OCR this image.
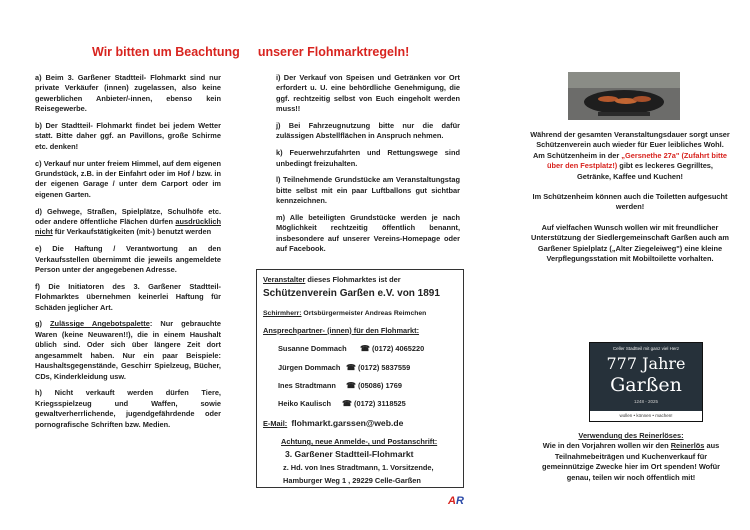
Wir bitten um Beachtung unserer Flohmarktregeln!

a) Beim 3. Garßener Stadtteil- Flohmarkt sind nur private Verkäufer (innen) zugelassen, also keine gewerblichen Anbieter/-innen, ebenso kein Reisegewerbe.

b) Der Stadtteil- Flohmarkt findet bei jedem Wetter statt. Bitte daher ggf. an Pavillons, große Schirme etc. denken!

c) Verkauf nur unter freiem Himmel, auf dem eigenen Grundstück, z.B. in der Einfahrt oder im Hof / bzw. in der eigenen Garage / unter dem Carport oder im eigenen Garten.

d) Gehwege, Straßen, Spielplätze, Schulhöfe etc. oder andere öffentliche Flächen dürfen ausdrücklich nicht für Verkaufstätigkeiten (mit-) benutzt werden

e) Die Haftung / Verantwortung an den Verkaufsstellen übernimmt die jeweils angemeldete Person unter der angegebenen Adresse.

f) Die Initiatoren des 3. Garßener Stadtteil-Flohmarktes übernehmen keinerlei Haftung für Schäden jeglicher Art.

g) Zulässige Angebotspalette: Nur gebrauchte Waren (keine Neuwaren!!), die in einem Haushalt üblich sind. Oder sich über längere Zeit dort angesammelt haben. Nur ein paar Beispiele: Haushaltsgegenstände, Geschirr Spielzeug, Bücher, CDs, Kinderkleidung usw.

h) Nicht verkauft werden dürfen Tiere, Kriegsspielzeug und Waffen, sowie gewaltverherrlichende, jugendgefährdende oder pornografische Schriften bzw. Medien.

i) Der Verkauf von Speisen und Getränken vor Ort erfordert u. U. eine behördliche Genehmigung, die ggf. rechtzeitig selbst von Euch eingeholt werden muss!!

j) Bei Fahrzeugnutzung bitte nur die dafür zulässigen Abstellflächen in Anspruch nehmen.

k) Feuerwehrzufahrten und Rettungswege sind unbedingt freizuhalten.

l) Teilnehmende Grundstücke am Veranstaltungstag bitte selbst mit ein paar Luftballons gut sichtbar kennzeichnen.

m) Alle beteiligten Grundstücke werden je nach Möglichkeit rechtzeitig öffentlich benannt, insbesondere auf unserer Vereins-Homepage oder auf Facebook.

Veranstalter dieses Flohmarktes ist der
Schützenverein Garßen e.V. von 1891
Schirmherr: Ortsbürgermeister Andreas Reimchen
Ansprechpartner- (innen) für den Flohmarkt:
Susanne Dommach ☎ (0172) 4065220
Jürgen Dommach ☎ (0172) 5837559
Ines Stradtmann ☎ (05086) 1769
Heiko Kaulisch ☎ (0172) 3118525
E-Mail: flohmarkt.garssen@web.de
Achtung, neue Anmelde-, und Postanschrift:
3. Garßener Stadtteil-Flohmarkt
z. Hd. von Ines Stradtmann, 1. Vorsitzende,
Hamburger Weg 1 , 29229 Celle-Garßen

Während der gesamten Veranstaltungsdauer sorgt unser Schützenverein auch wieder für Euer leibliches Wohl. Am Schützenheim in der „Gersnethe 27a" (Zufahrt bitte über den Festplatz!) gibt es leckeres Gegrilltes, Getränke, Kaffee und Kuchen!

Im Schützenheim können auch die Toiletten aufgesucht werden!

Auf vielfachen Wunsch wollen wir mit freundlicher Unterstützung der Siedlergemeinschaft Garßen auch am Garßener Spielplatz („Alter Ziegeleiweg") eine kleine Verpflegungsstation mit Mobiltoilette vorhalten.

Celler Stadtteil mit ganz viel Herz
777 Jahre
Garßen
1248 - 2025
wollen • können • machen!
Verwendung des Reinerlöses:
Wie in den Vorjahren wollen wir den Reinerlös aus Teilnahmebeiträgen und Kuchenverkauf für gemeinnützige Zwecke hier im Ort spenden! Wofür genau, teilen wir noch öffentlich mit!
AR
